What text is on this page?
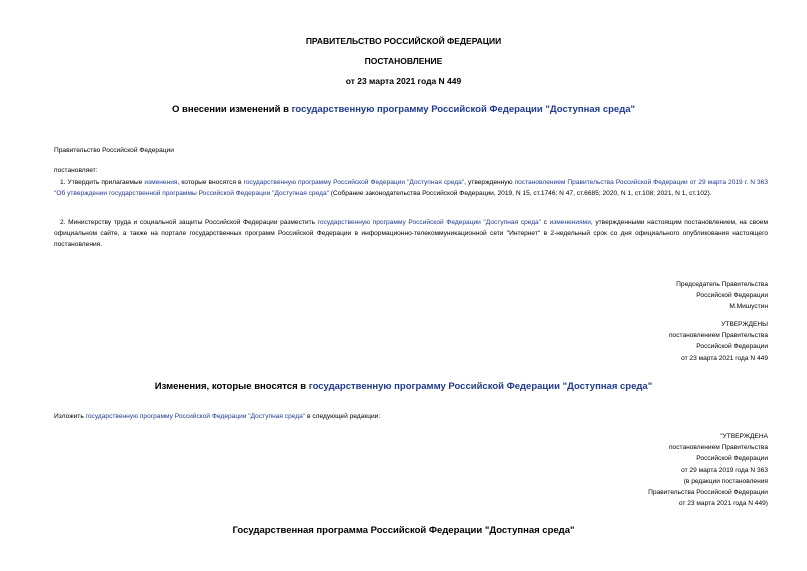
ПРАВИТЕЛЬСТВО РОССИЙСКОЙ ФЕДЕРАЦИИ
ПОСТАНОВЛЕНИЕ
от 23 марта 2021 года N 449
О внесении изменений в государственную программу Российской Федерации "Доступная среда"
Правительство Российской Федерации
постановляет:
1. Утвердить прилагаемые изменения, которые вносятся в государственную программу Российской Федерации "Доступная среда", утвержденную постановлением Правительства Российской Федерации от 29 марта 2019 г. N 363 "Об утверждении государственной программы Российской Федерации "Доступная среда" (Собрание законодательства Российской Федерации, 2019, N 15, ст.1746; N 47, ст.6685; 2020, N 1, ст.108; 2021, N 1, ст.102).
2. Министерству труда и социальной защиты Российской Федерации разместить государственную программу Российской Федерации "Доступная среда" с изменениями, утвержденными настоящим постановлением, на своем официальном сайте, а также на портале государственных программ Российской Федерации в информационно-телекоммуникационной сети "Интернет" в 2-недельный срок со дня официального опубликования настоящего постановления.
Председатель Правительства
Российской Федерации
М.Мишустин
УТВЕРЖДЕНЫ
постановлением Правительства
Российской Федерации
от 23 марта 2021 года N 449
Изменения, которые вносятся в государственную программу Российской Федерации "Доступная среда"
Изложить государственную программу Российской Федерации "Доступная среда" в следующей редакции:
"УТВЕРЖДЕНА
постановлением Правительства
Российской Федерации
от 29 марта 2019 года N 363
(в редакции постановления
Правительства Российской Федерации
от 23 марта 2021 года N 449)
Государственная программа Российской Федерации "Доступная среда"
